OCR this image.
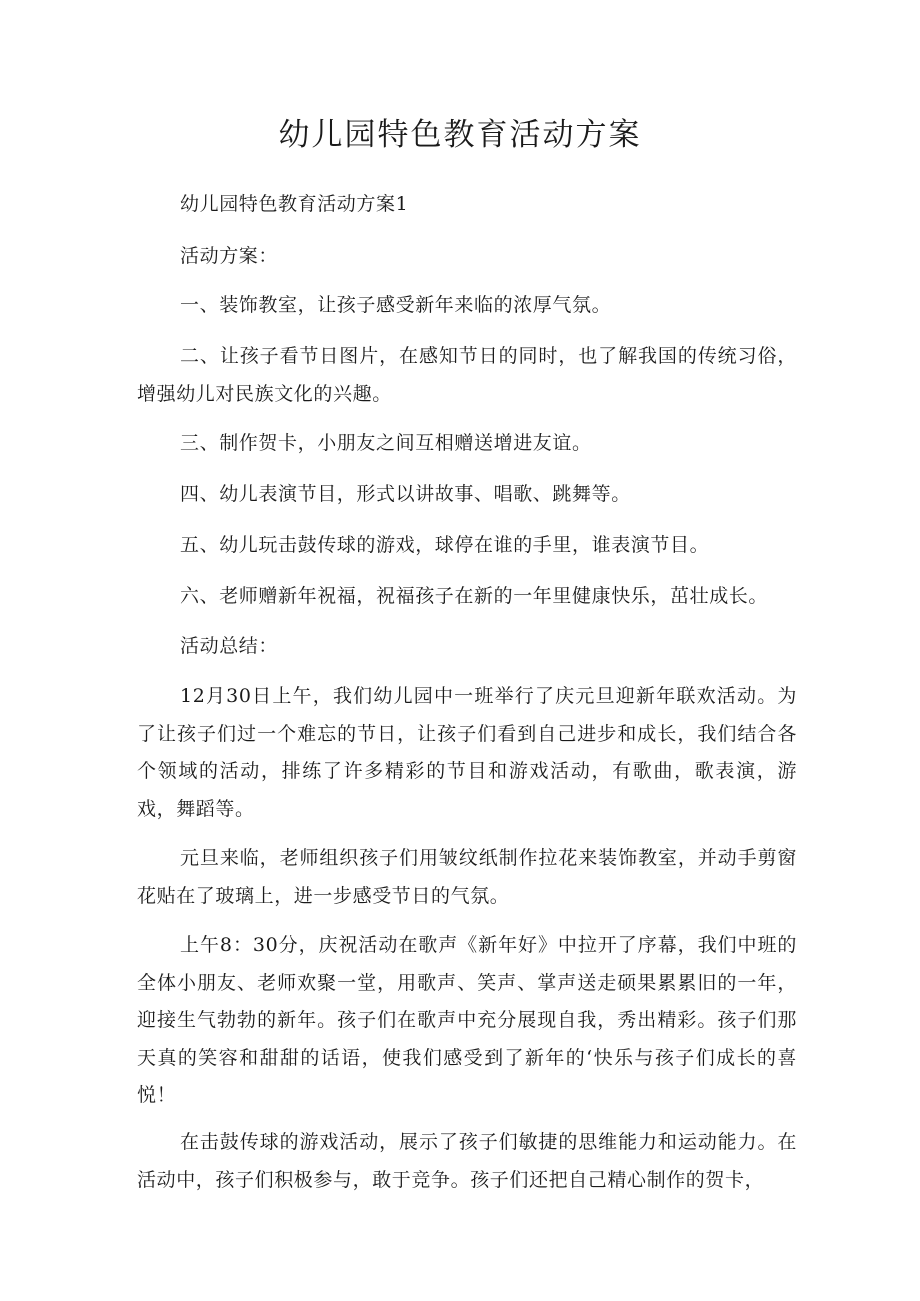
幼儿园特色教育活动方案

幼儿园特色教育活动方案1

活动方案：

一、装饰教室，让孩子感受新年来临的浓厚气氛。

二、让孩子看节日图片，在感知节日的同时，也了解我国的传统习俗，增强幼儿对民族文化的兴趣。

三、制作贺卡，小朋友之间互相赠送增进友谊。

四、幼儿表演节目，形式以讲故事、唱歌、跳舞等。

五、幼儿玩击鼓传球的游戏，球停在谁的手里，谁表演节目。

六、老师赠新年祝福，祝福孩子在新的一年里健康快乐，茁壮成长。

活动总结：

12月30日上午，我们幼儿园中一班举行了庆元旦迎新年联欢活动。为了让孩子们过一个难忘的节日，让孩子们看到自己进步和成长，我们结合各个领域的活动，排练了许多精彩的节目和游戏活动，有歌曲，歌表演，游戏，舞蹈等。

元旦来临，老师组织孩子们用皱纹纸制作拉花来装饰教室，并动手剪窗花贴在了玻璃上，进一步感受节日的气氛。

上午8：30分，庆祝活动在歌声《新年好》中拉开了序幕，我们中班的全体小朋友、老师欢聚一堂，用歌声、笑声、掌声送走硕果累累旧的一年，迎接生气勃勃的新年。孩子们在歌声中充分展现自我，秀出精彩。孩子们那天真的笑容和甜甜的话语，使我们感受到了新年的‘快乐与孩子们成长的喜悦！

在击鼓传球的游戏活动，展示了孩子们敏捷的思维能力和运动能力。在活动中，孩子们积极参与，敢于竞争。孩子们还把自己精心制作的贺卡，
